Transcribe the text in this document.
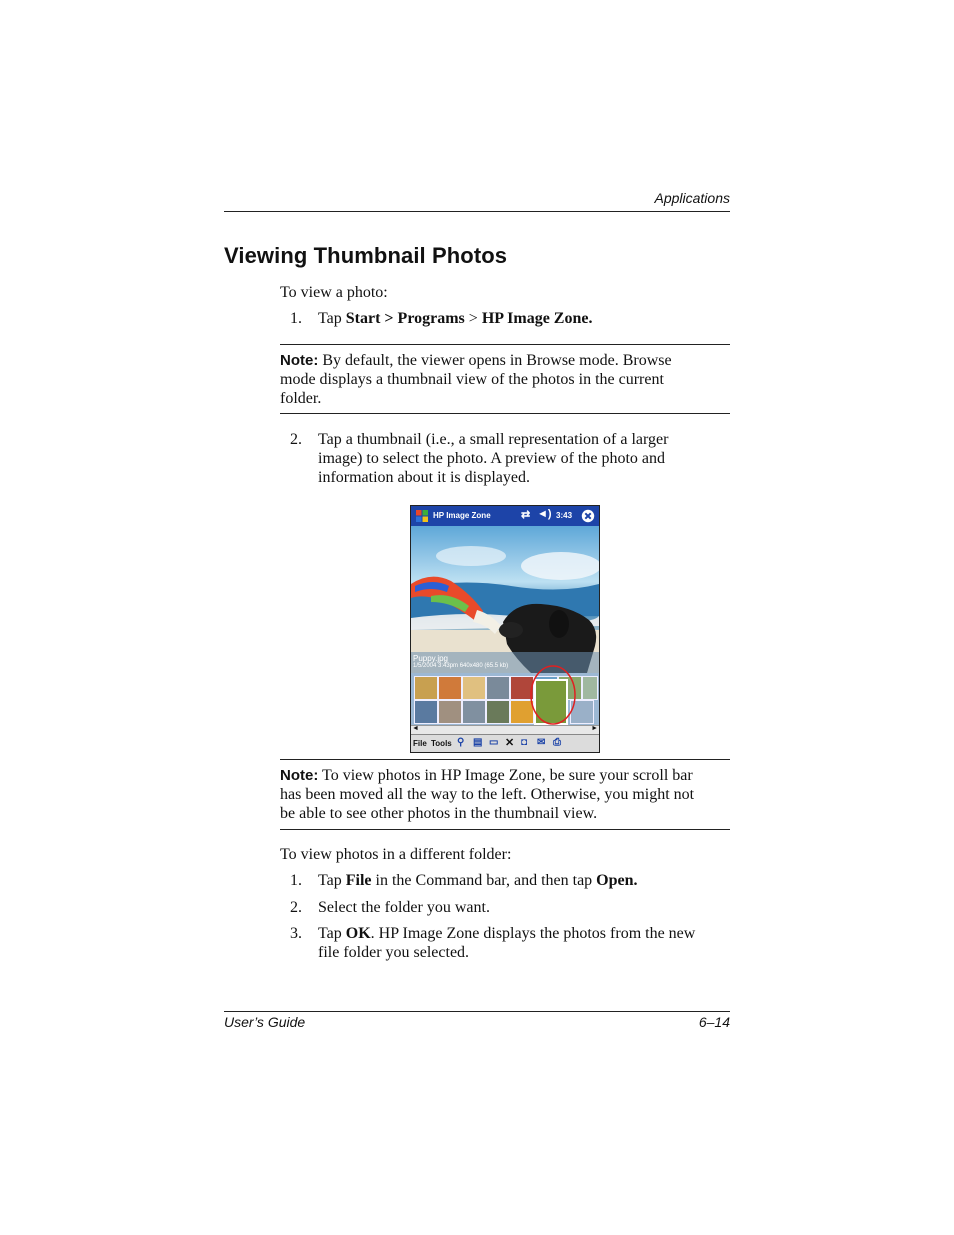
Applications
Viewing Thumbnail Photos
To view a photo:
1. Tap Start > Programs > HP Image Zone.
Note: By default, the viewer opens in Browse mode. Browse
mode displays a thumbnail view of the photos in the current
folder.
2. Tap a thumbnail (i.e., a small representation of a larger
image) to select the photo. A preview of the photo and
information about it is displayed.
HP Image Zone	⇄ ◄) 3:43
Puppy.jpg
1/5/2004 3:43pm 640x480 (65.5 kb)
◄	►
File Tools ⚲ ▤ ▭ ✕ ◘ ✉ ⎙
Note: To view photos in HP Image Zone, be sure your scroll bar
has been moved all the way to the left. Otherwise, you might not
be able to see other photos in the thumbnail view.
To view photos in a different folder:
1. Tap File in the Command bar, and then tap Open.
2. Select the folder you want.
3. Tap OK. HP Image Zone displays the photos from the new
file folder you selected.
User’s Guide	6–14
